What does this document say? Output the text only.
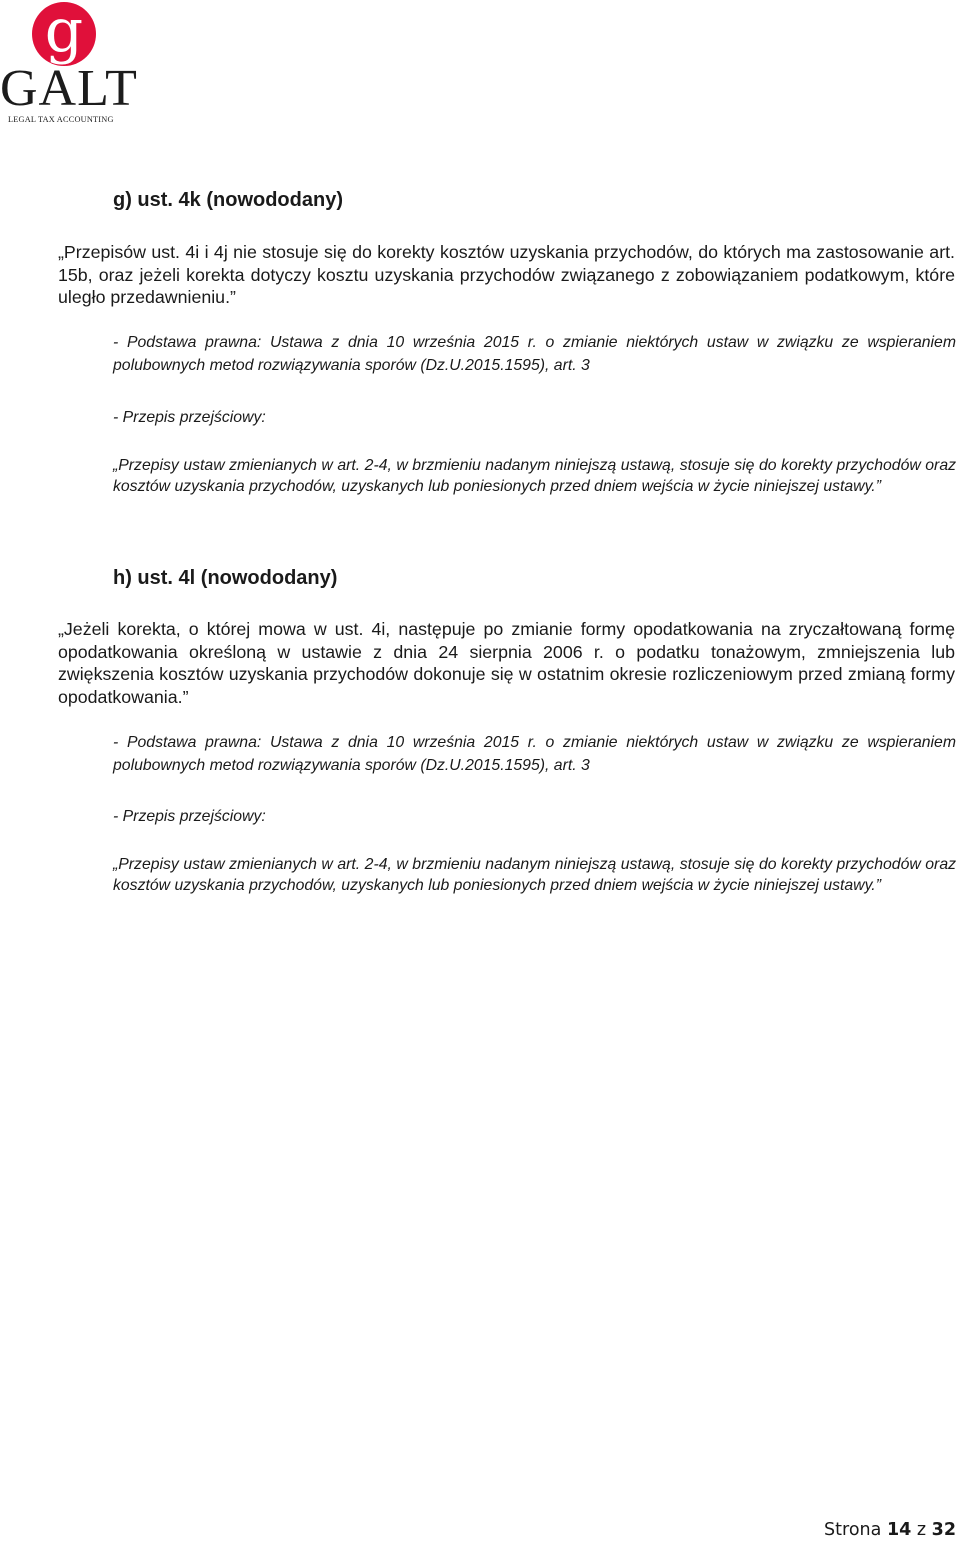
g
GALT
LEGAL TAX ACCOUNTING
g) ust. 4k (nowododany)

„Przepisów ust. 4i i 4j nie stosuje się do korekty kosztów uzyskania przychodów, do których ma zastosowanie art. 15b, oraz jeżeli korekta dotyczy kosztu uzyskania przychodów związanego z zobowiązaniem podatkowym, które uległo przedawnieniu.”

- Podstawa prawna: Ustawa z dnia 10 września 2015 r. o zmianie niektórych ustaw w związku ze wspieraniem polubownych metod rozwiązywania sporów (Dz.U.2015.1595), art. 3

- Przepis przejściowy:

„Przepisy ustaw zmienianych w art. 2-4, w brzmieniu nadanym niniejszą ustawą, stosuje się do korekty przychodów oraz kosztów uzyskania przychodów, uzyskanych lub poniesionych przed dniem wejścia w życie niniejszej ustawy.”

h) ust. 4l (nowododany)

„Jeżeli korekta, o której mowa w ust. 4i, następuje po zmianie formy opodatkowania na zryczałtowaną formę opodatkowania określoną w ustawie z dnia 24 sierpnia 2006 r. o podatku tonażowym, zmniejszenia lub zwiększenia kosztów uzyskania przychodów dokonuje się w ostatnim okresie rozliczeniowym przed zmianą formy opodatkowania.”

- Podstawa prawna: Ustawa z dnia 10 września 2015 r. o zmianie niektórych ustaw w związku ze wspieraniem polubownych metod rozwiązywania sporów (Dz.U.2015.1595), art. 3

- Przepis przejściowy:

„Przepisy ustaw zmienianych w art. 2-4, w brzmieniu nadanym niniejszą ustawą, stosuje się do korekty przychodów oraz kosztów uzyskania przychodów, uzyskanych lub poniesionych przed dniem wejścia w życie niniejszej ustawy.”

Strona 14 z 32
